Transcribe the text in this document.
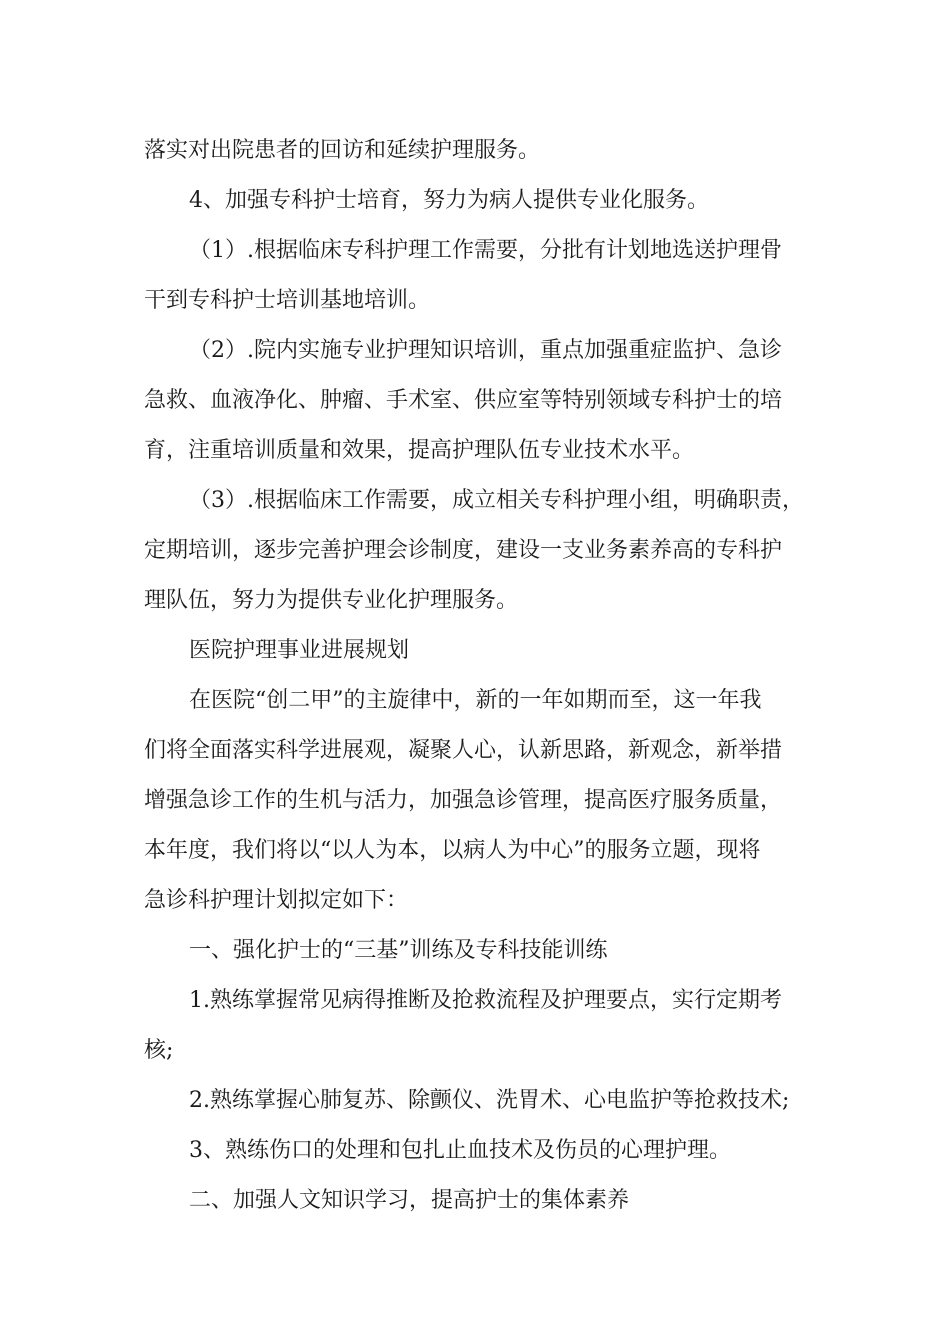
落实对出院患者的回访和延续护理服务。
4、加强专科护士培育，努力为病人提供专业化服务。
（1）.根据临床专科护理工作需要，分批有计划地选送护理骨
干到专科护士培训基地培训。
（2）.院内实施专业护理知识培训，重点加强重症监护、急诊
急救、血液净化、肿瘤、手术室、供应室等特别领域专科护士的培
育，注重培训质量和效果，提高护理队伍专业技术水平。
（3）.根据临床工作需要，成立相关专科护理小组，明确职责，
定期培训，逐步完善护理会诊制度，建设一支业务素养高的专科护
理队伍，努力为提供专业化护理服务。
医院护理事业进展规划
在医院“创二甲”的主旋律中，新的一年如期而至，这一年我
们将全面落实科学进展观，凝聚人心，认新思路，新观念，新举措
增强急诊工作的生机与活力，加强急诊管理，提高医疗服务质量，
本年度，我们将以“以人为本，以病人为中心”的服务立题，现将
急诊科护理计划拟定如下：
一、强化护士的“三基”训练及专科技能训练
1.熟练掌握常见病得推断及抢救流程及护理要点，实行定期考
核;
2.熟练掌握心肺复苏、除颤仪、洗胃术、心电监护等抢救技术;
3、熟练伤口的处理和包扎止血技术及伤员的心理护理。
二、加强人文知识学习，提高护士的集体素养
